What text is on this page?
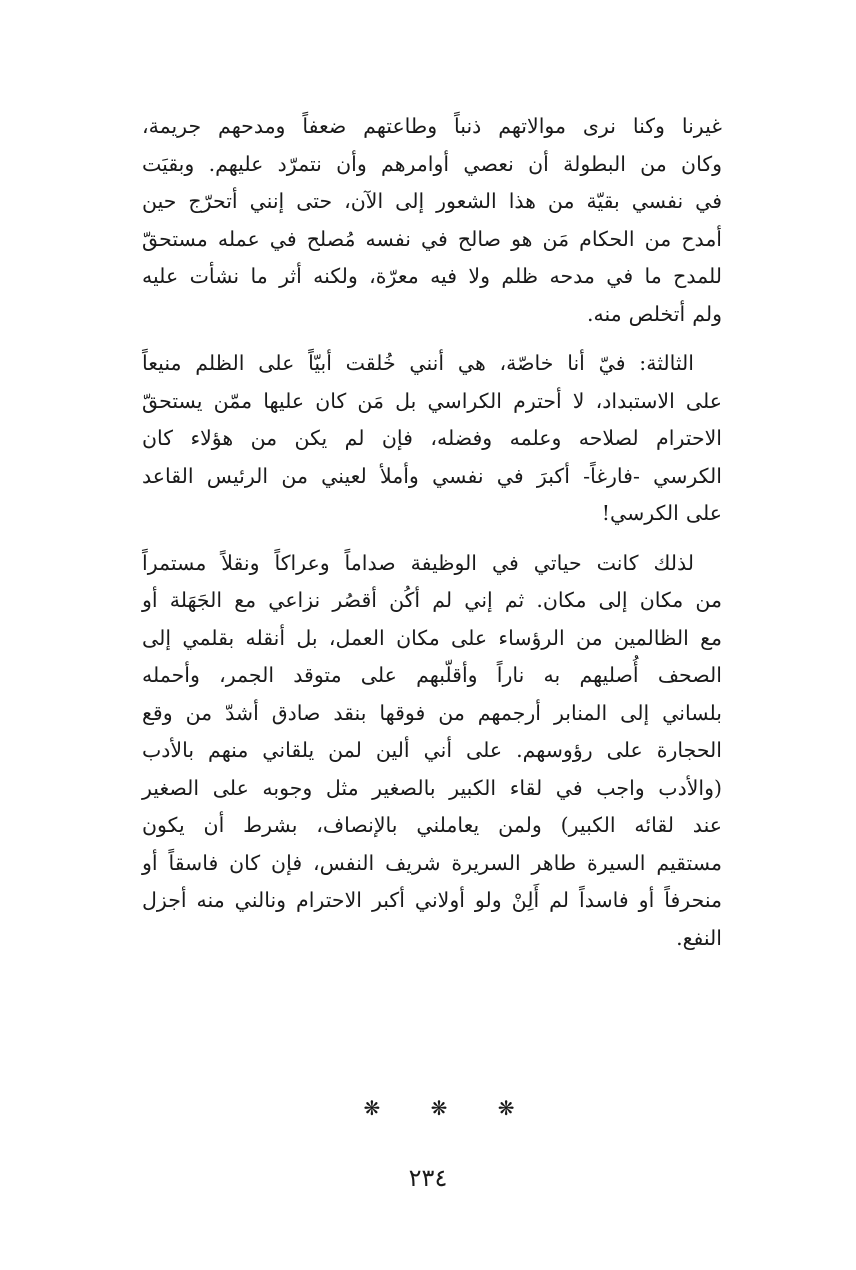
غيرنا وكنا نرى موالاتهم ذنباً وطاعتهم ضعفاً ومدحهم جريمة،
وكان من البطولة أن نعصي أوامرهم وأن نتمرّد عليهم. وبقيَت
في نفسي بقيّة من هذا الشعور إلى الآن، حتى إنني أتحرّج حين
أمدح من الحكام مَن هو صالح في نفسه مُصلح في عمله مستحقّ
للمدح ما في مدحه ظلم ولا فيه معرّة، ولكنه أثر ما نشأت عليه
ولم أتخلص منه.

الثالثة: فيّ أنا خاصّة، هي أنني خُلقت أبيّاً على الظلم منيعاً
على الاستبداد، لا أحترم الكراسي بل مَن كان عليها ممّن يستحقّ
الاحترام لصلاحه وعلمه وفضله، فإن لم يكن من هؤلاء كان
الكرسي -فارغاً- أكبرَ في نفسي وأملأ لعيني من الرئيس القاعد
على الكرسي!

لذلك كانت حياتي في الوظيفة صداماً وعراكاً ونقلاً مستمراً
من مكان إلى مكان. ثم إني لم أكُن أقصُر نزاعي مع الجَهَلة أو
مع الظالمين من الرؤساء على مكان العمل، بل أنقله بقلمي إلى
الصحف أُصليهم به ناراً وأقلّبهم على متوقد الجمر، وأحمله
بلساني إلى المنابر أرجمهم من فوقها بنقد صادق أشدّ من وقع
الحجارة على رؤوسهم. على أني ألين لمن يلقاني منهم بالأدب
(والأدب واجب في لقاء الكبير بالصغير مثل وجوبه على الصغير
عند لقائه الكبير) ولمن يعاملني بالإنصاف، بشرط أن يكون
مستقيم السيرة طاهر السريرة شريف النفس، فإن كان فاسقاً أو
منحرفاً أو فاسداً لم أَلِنْ ولو أولاني أكبر الاحترام ونالني منه أجزل
النفع.

❋ ❋ ❋
٢٣٤
